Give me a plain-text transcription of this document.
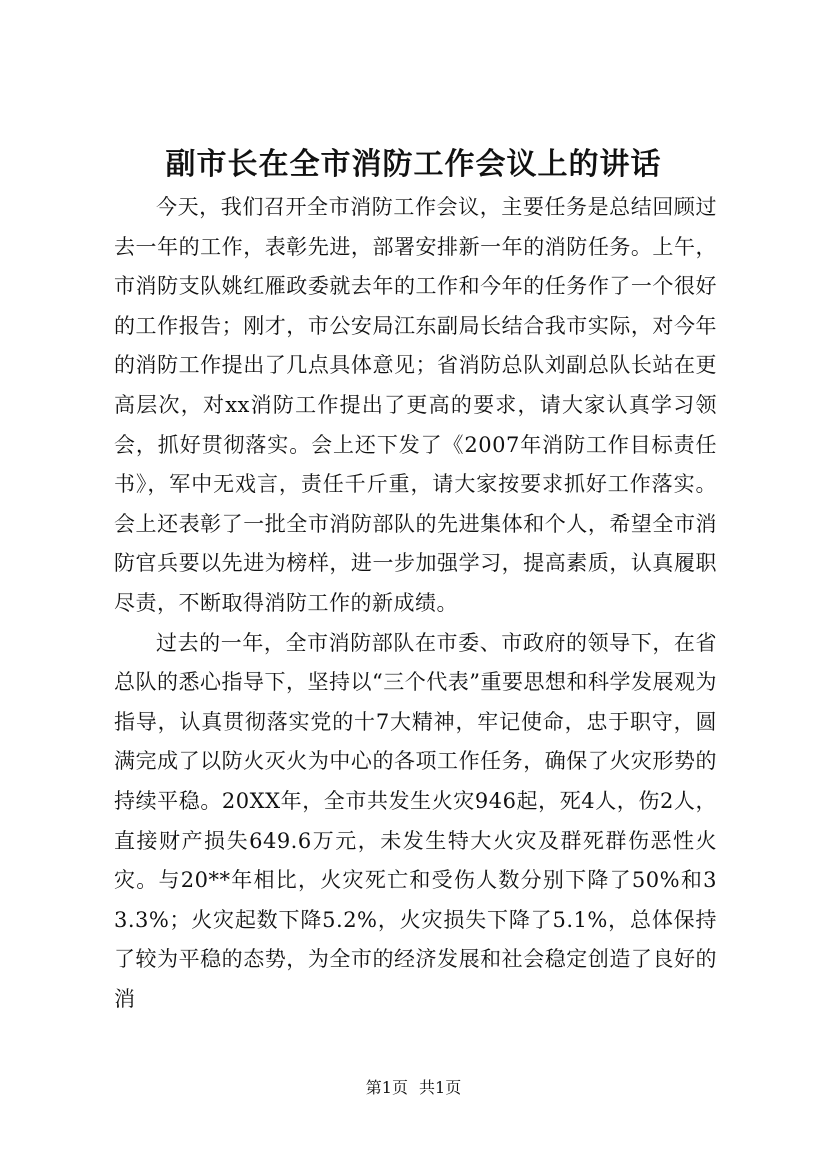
副市长在全市消防工作会议上的讲话

今天，我们召开全市消防工作会议，主要任务是总结回顾过去一年的工作，表彰先进，部署安排新一年的消防任务。上午，市消防支队姚红雁政委就去年的工作和今年的任务作了一个很好的工作报告；刚才，市公安局江东副局长结合我市实际，对今年的消防工作提出了几点具体意见；省消防总队刘副总队长站在更高层次，对xx消防工作提出了更高的要求，请大家认真学习领会，抓好贯彻落实。会上还下发了《2007年消防工作目标责任书》，军中无戏言，责任千斤重，请大家按要求抓好工作落实。会上还表彰了一批全市消防部队的先进集体和个人，希望全市消防官兵要以先进为榜样，进一步加强学习，提高素质，认真履职尽责，不断取得消防工作的新成绩。

过去的一年，全市消防部队在市委、市政府的领导下，在省总队的悉心指导下，坚持以“三个代表”重要思想和科学发展观为指导，认真贯彻落实党的十7大精神，牢记使命，忠于职守，圆满完成了以防火灭火为中心的各项工作任务，确保了火灾形势的持续平稳。20XX年，全市共发生火灾946起，死4人，伤2人，直接财产损失649.6万元，未发生特大火灾及群死群伤恶性火灾。与20**年相比，火灾死亡和受伤人数分别下降了50%和33.3%；火灾起数下降5.2%，火灾损失下降了5.1%，总体保持了较为平稳的态势，为全市的经济发展和社会稳定创造了良好的消

第1页 共1页
